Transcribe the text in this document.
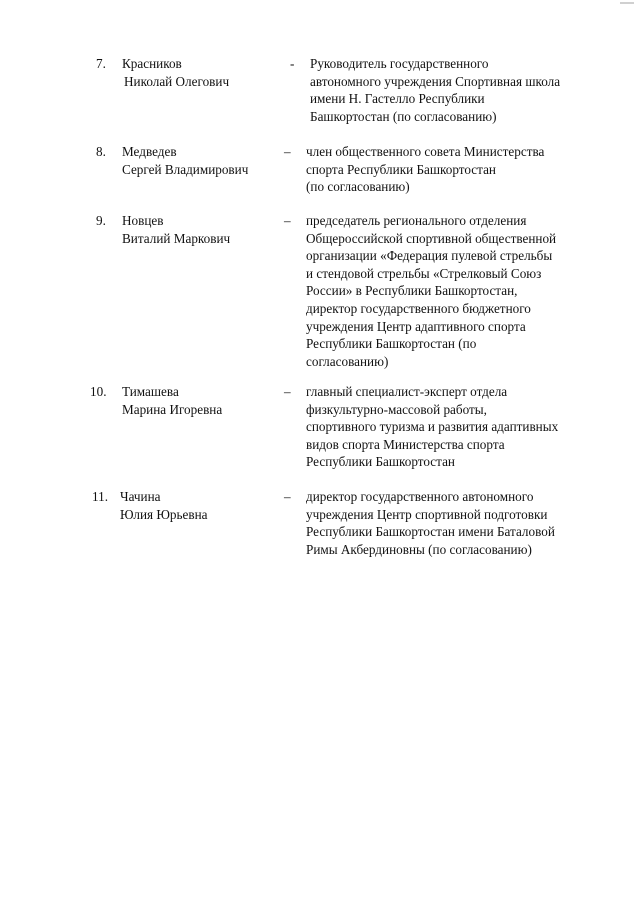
7. Красников
Николай Олегович
- Руководитель государственного
автономного учреждения Спортивная школа
имени Н. Гастелло Республики
Башкортостан (по согласованию)
8. Медведев
Сергей Владимирович
– член общественного совета Министерства
спорта Республики Башкортостан
(по согласованию)
9. Новцев
Виталий Маркович
– председатель регионального отделения
Общероссийской спортивной общественной
организации «Федерация пулевой стрельбы
и стендовой стрельбы «Стрелковый Союз
России» в Республики Башкортостан,
директор государственного бюджетного
учреждения Центр адаптивного спорта
Республики Башкортостан (по
согласованию)
10. Тимашева
Марина Игоревна
– главный специалист-эксперт отдела
физкультурно-массовой работы,
спортивного туризма и развития адаптивных
видов спорта Министерства спорта
Республики Башкортостан
11. Чачина
Юлия Юрьевна
– директор государственного автономного
учреждения Центр спортивной подготовки
Республики Башкортостан имени Баталовой
Римы Акбердиновны (по согласованию)
